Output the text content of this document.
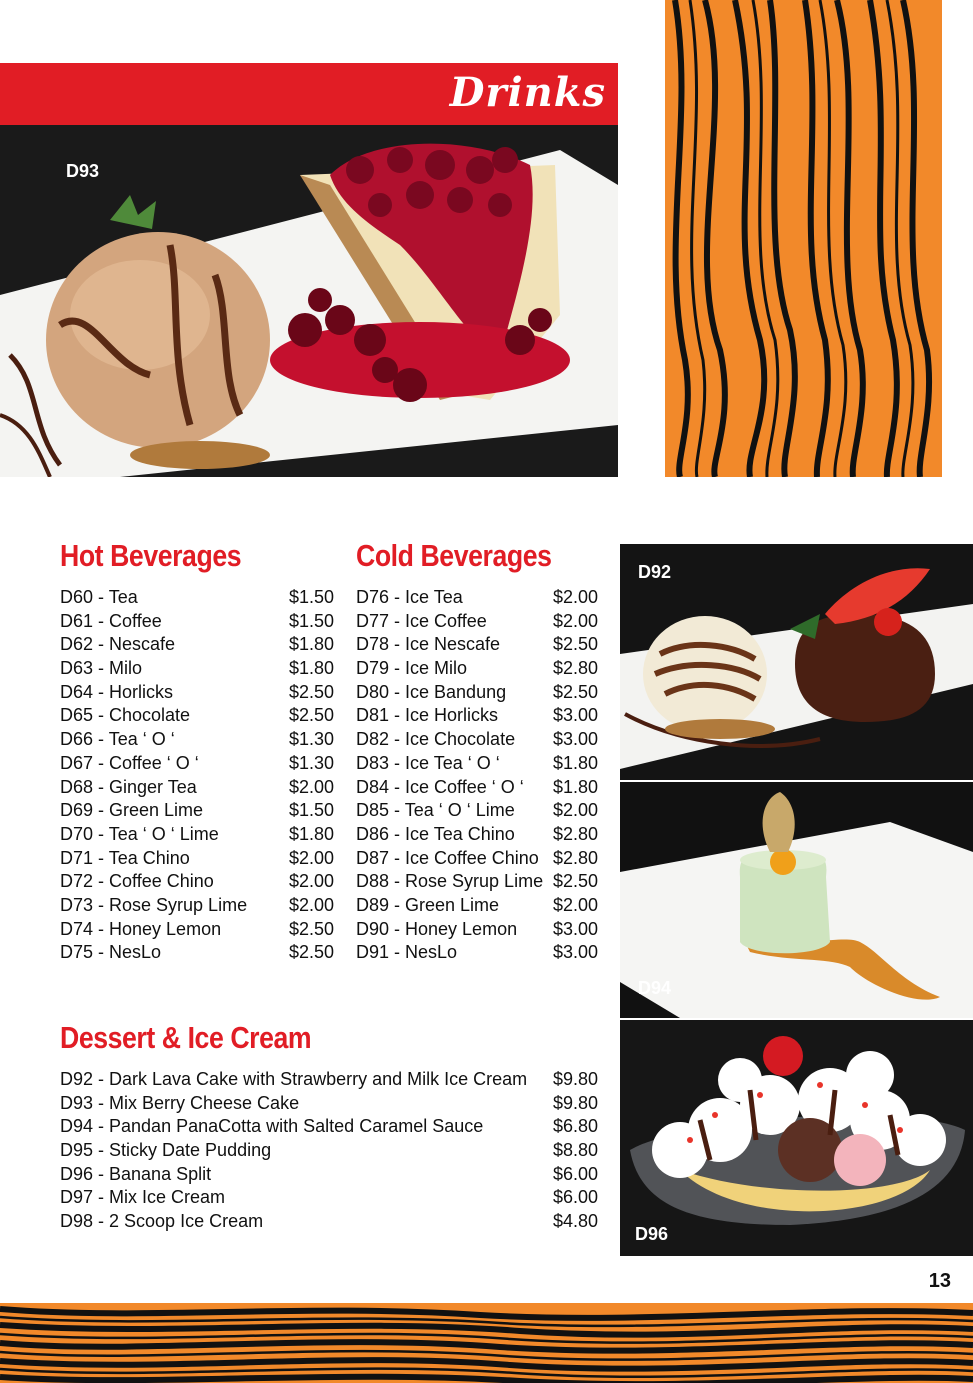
Drinks
D93
D92
D94
D96
Hot Beverages
D60 - Tea	$1.50
D61 - Coffee	$1.50
D62 - Nescafe	$1.80
D63 - Milo	$1.80
D64 - Horlicks	$2.50
D65 - Chocolate	$2.50
D66 - Tea ‘ O ‘	$1.30
D67 - Coffee ‘ O ‘	$1.30
D68 - Ginger Tea	$2.00
D69 - Green Lime	$1.50
D70 - Tea ‘ O ‘ Lime	$1.80
D71 - Tea Chino	$2.00
D72 - Coffee Chino	$2.00
D73 - Rose Syrup Lime $2.00
D74 - Honey Lemon	$2.50
D75 - NesLo	$2.50
Cold Beverages
D76 - Ice Tea	$2.00
D77 - Ice Coffee	$2.00
D78 - Ice Nescafe	$2.50
D79 - Ice Milo	$2.80
D80 - Ice Bandung	$2.50
D81 - Ice Horlicks	$3.00
D82 - Ice Chocolate $3.00
D83 - Ice Tea ‘ O ‘	$1.80
D84 - Ice Coffee ‘ O ‘ $1.80
D85 - Tea ‘ O ‘ Lime $2.00
D86 - Ice Tea Chino $2.80
D87 - Ice Coffee Chino $2.80
D88 - Rose Syrup Lime $2.50
D89 - Green Lime	$2.00
D90 - Honey Lemon $3.00
D91 - NesLo	$3.00
Dessert & Ice Cream
D92 - Dark Lava Cake with Strawberry and Milk Ice Cream $9.80
D93 - Mix Berry Cheese Cake	$9.80
D94 - Pandan PanaCotta with Salted Caramel Sauce	$6.80
D95 - Sticky Date Pudding	$8.80
D96 - Banana Split	$6.00
D97 - Mix Ice Cream	$6.00
D98 - 2 Scoop Ice Cream	$4.80
13
